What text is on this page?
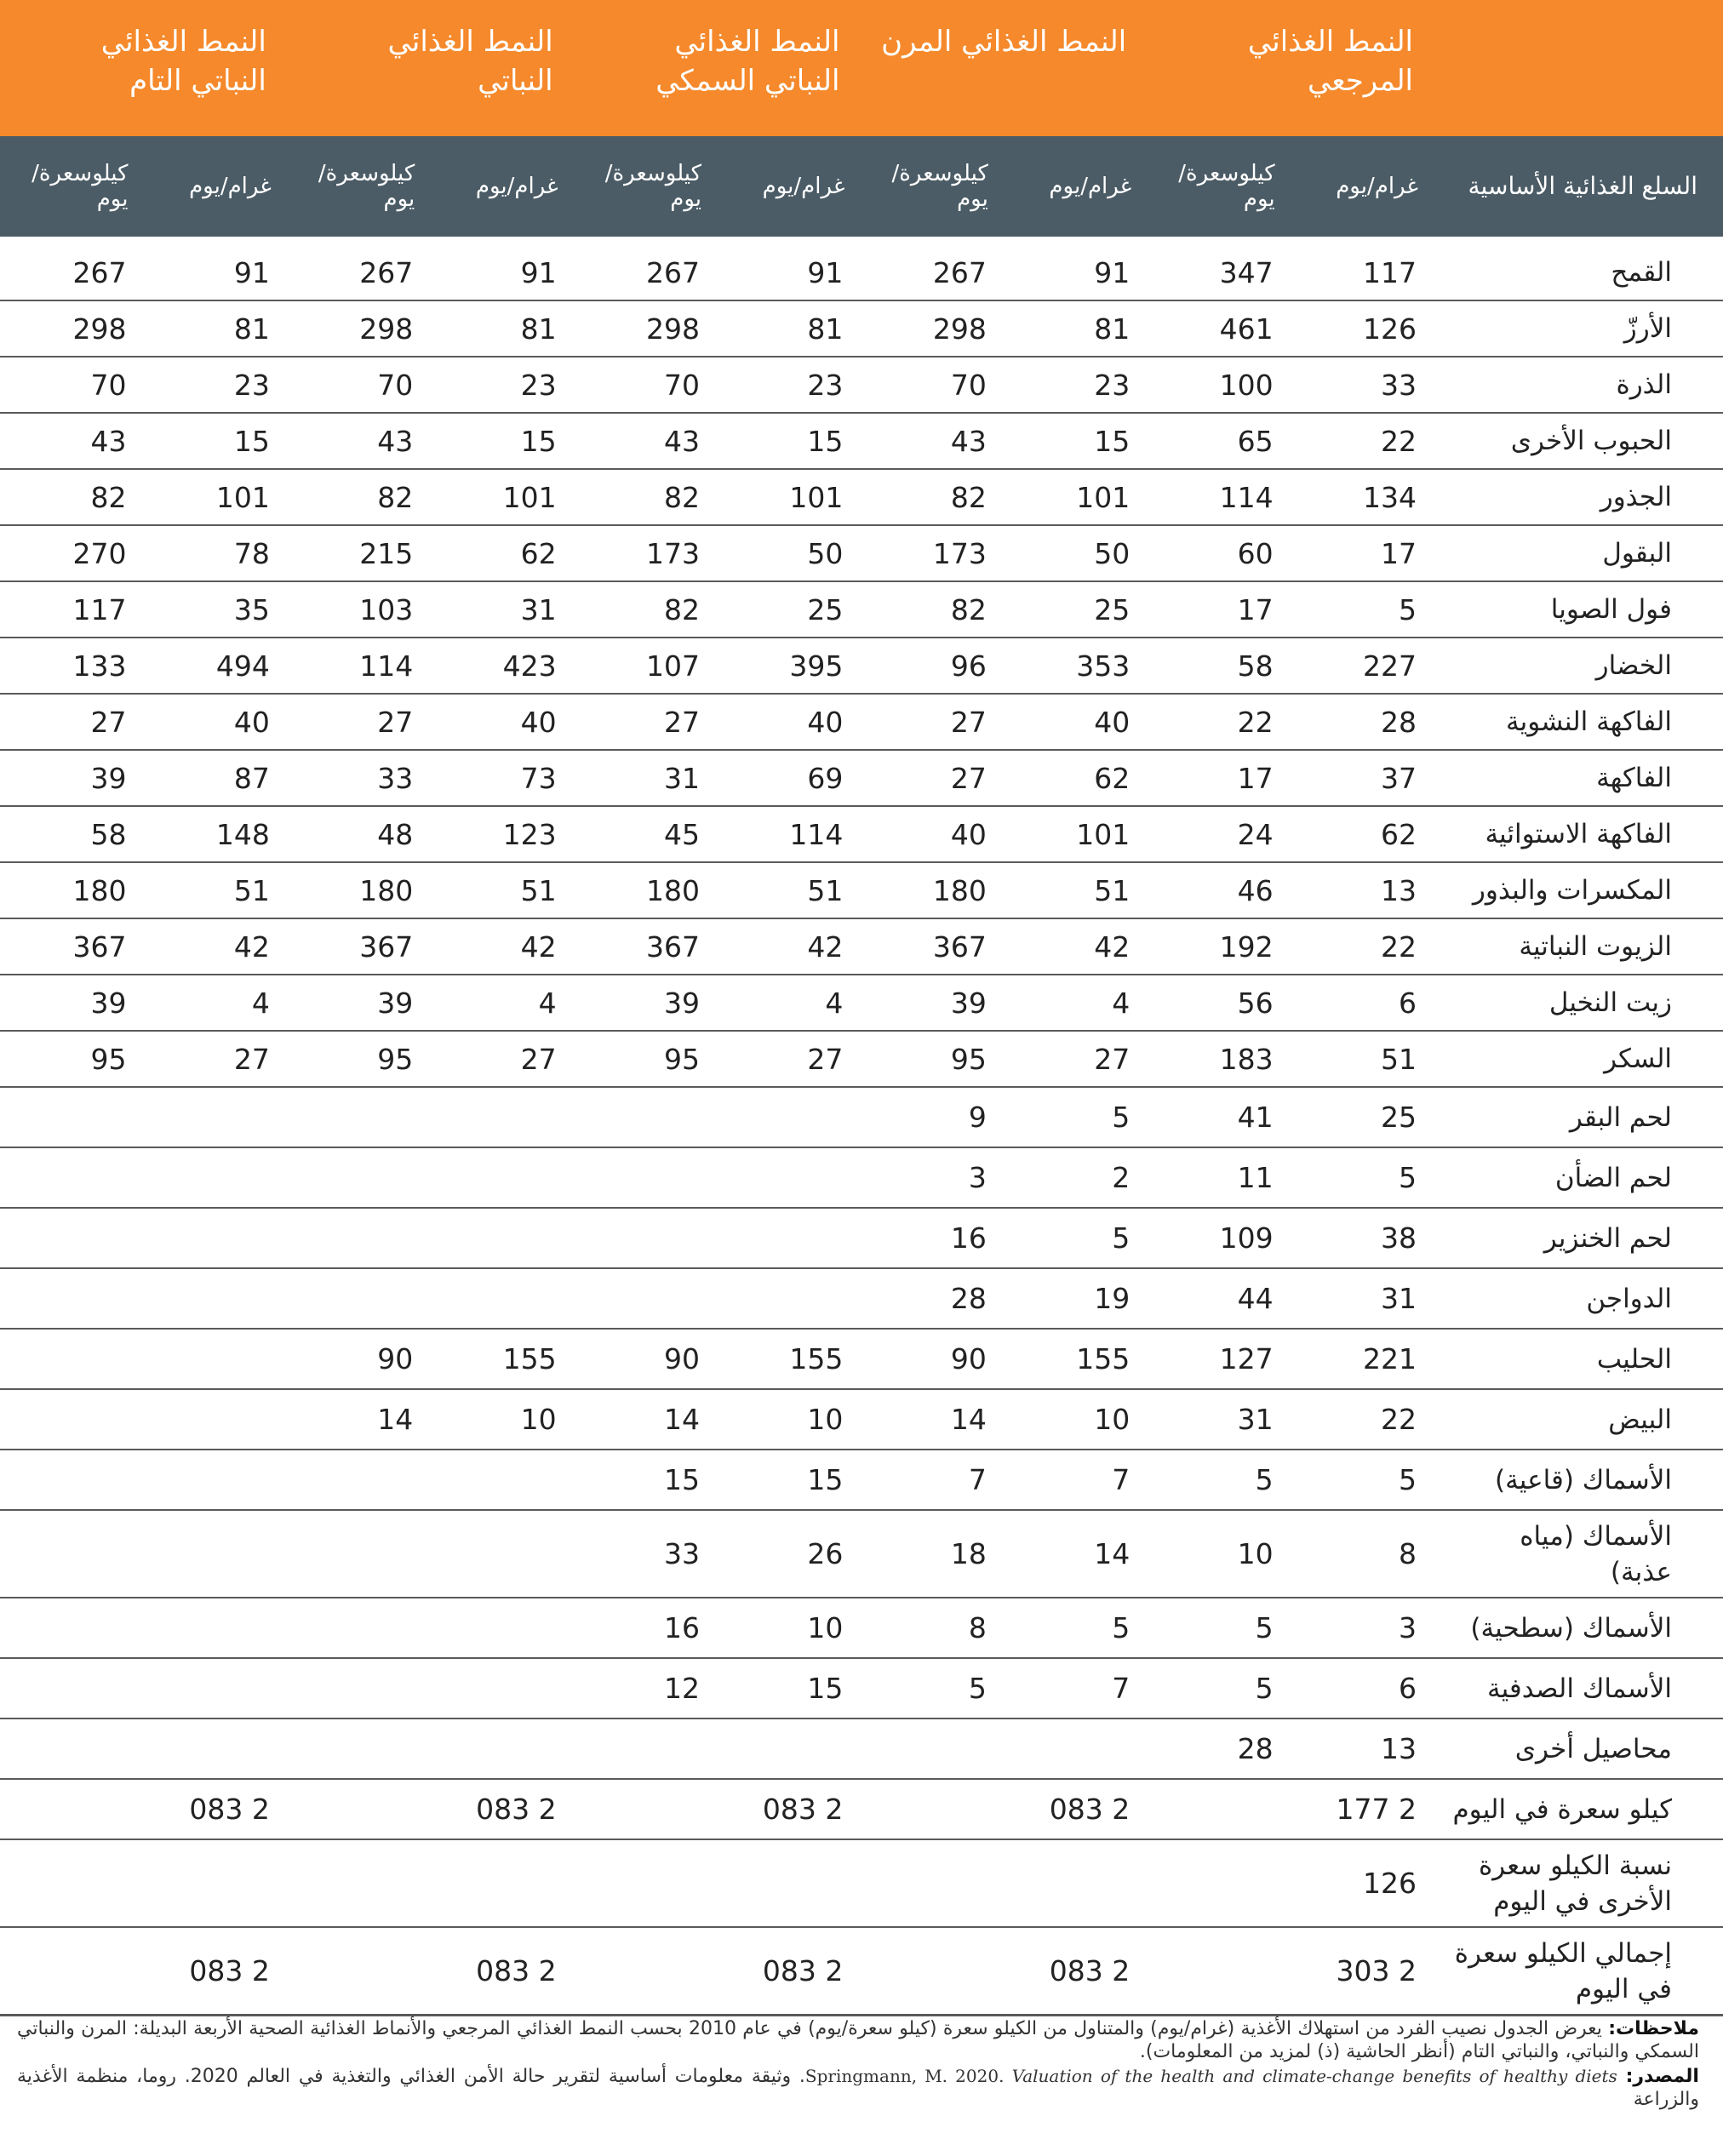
	النمط الغذائي المرجعي		النمط الغذائي المرن		النمط الغذائي النباتي السمكي		النمط الغذائي النباتي		النمط الغذائي النباتي التام	
السلع الغذائية الأساسية	غرام/يوم	كيلوسعرة/يوم	غرام/يوم	كيلوسعرة/يوم	غرام/يوم	كيلوسعرة/يوم	غرام/يوم	كيلوسعرة/يوم	غرام/يوم	كيلوسعرة/يوم
القمح	117	347	91	267	91	267	91	267	91	267
الأرزّ	126	461	81	298	81	298	81	298	81	298
الذرة	33	100	23	70	23	70	23	70	23	70
الحبوب الأخرى	22	65	15	43	15	43	15	43	15	43
الجذور	134	114	101	82	101	82	101	82	101	82
البقول	17	60	50	173	50	173	62	215	78	270
فول الصويا	5	17	25	82	25	82	31	103	35	117
الخضار	227	58	353	96	395	107	423	114	494	133
الفاكهة النشوية	28	22	40	27	40	27	40	27	40	27
الفاكهة	37	17	62	27	69	31	73	33	87	39
الفاكهة الاستوائية	62	24	101	40	114	45	123	48	148	58
المكسرات والبذور	13	46	51	180	51	180	51	180	51	180
الزيوت النباتية	22	192	42	367	42	367	42	367	42	367
زيت النخيل	6	56	4	39	4	39	4	39	4	39
السكر	51	183	27	95	27	95	27	95	27	95
لحم البقر	25	41	5	9						
لحم الضأن	5	11	2	3						
لحم الخنزير	38	109	5	16						
الدواجن	31	44	19	28						
الحليب	221	127	155	90	155	90	155	90		
البيض	22	31	10	14	10	14	10	14		
الأسماك (قاعية)	5	5	7	7	15	15				
الأسماك (مياه عذبة)	8	10	14	18	26	33				
الأسماك (سطحية)	3	5	5	8	10	16				
الأسماك الصدفية	6	5	7	5	15	12				
محاصيل أخرى	13	28								
كيلو سعرة في اليوم	2 177		2 083		2 083		2 083		2 083	
نسبة الكيلو سعرة الأخرى في اليوم	126									
إجمالي الكيلو سعرة في اليوم	2 303		2 083		2 083		2 083		2 083	
ملاحظات: يعرض الجدول نصيب الفرد من استهلاك الأغذية (غرام/يوم) والمتناول من الكيلو سعرة (كيلو سعرة/يوم) في عام 2010 بحسب النمط الغذائي المرجعي والأنماط الغذائية الصحية الأربعة البديلة: المرن والنباتي السمكي والنباتي، والنباتي التام (أنظر الحاشية (ذ) لمزيد من المعلومات).
المصدر: Springmann, M. 2020. Valuation of the health and climate-change benefits of healthy diets. وثيقة معلومات أساسية لتقرير حالة الأمن الغذائي والتغذية في العالم 2020. روما، منظمة الأغذية والزراعة
